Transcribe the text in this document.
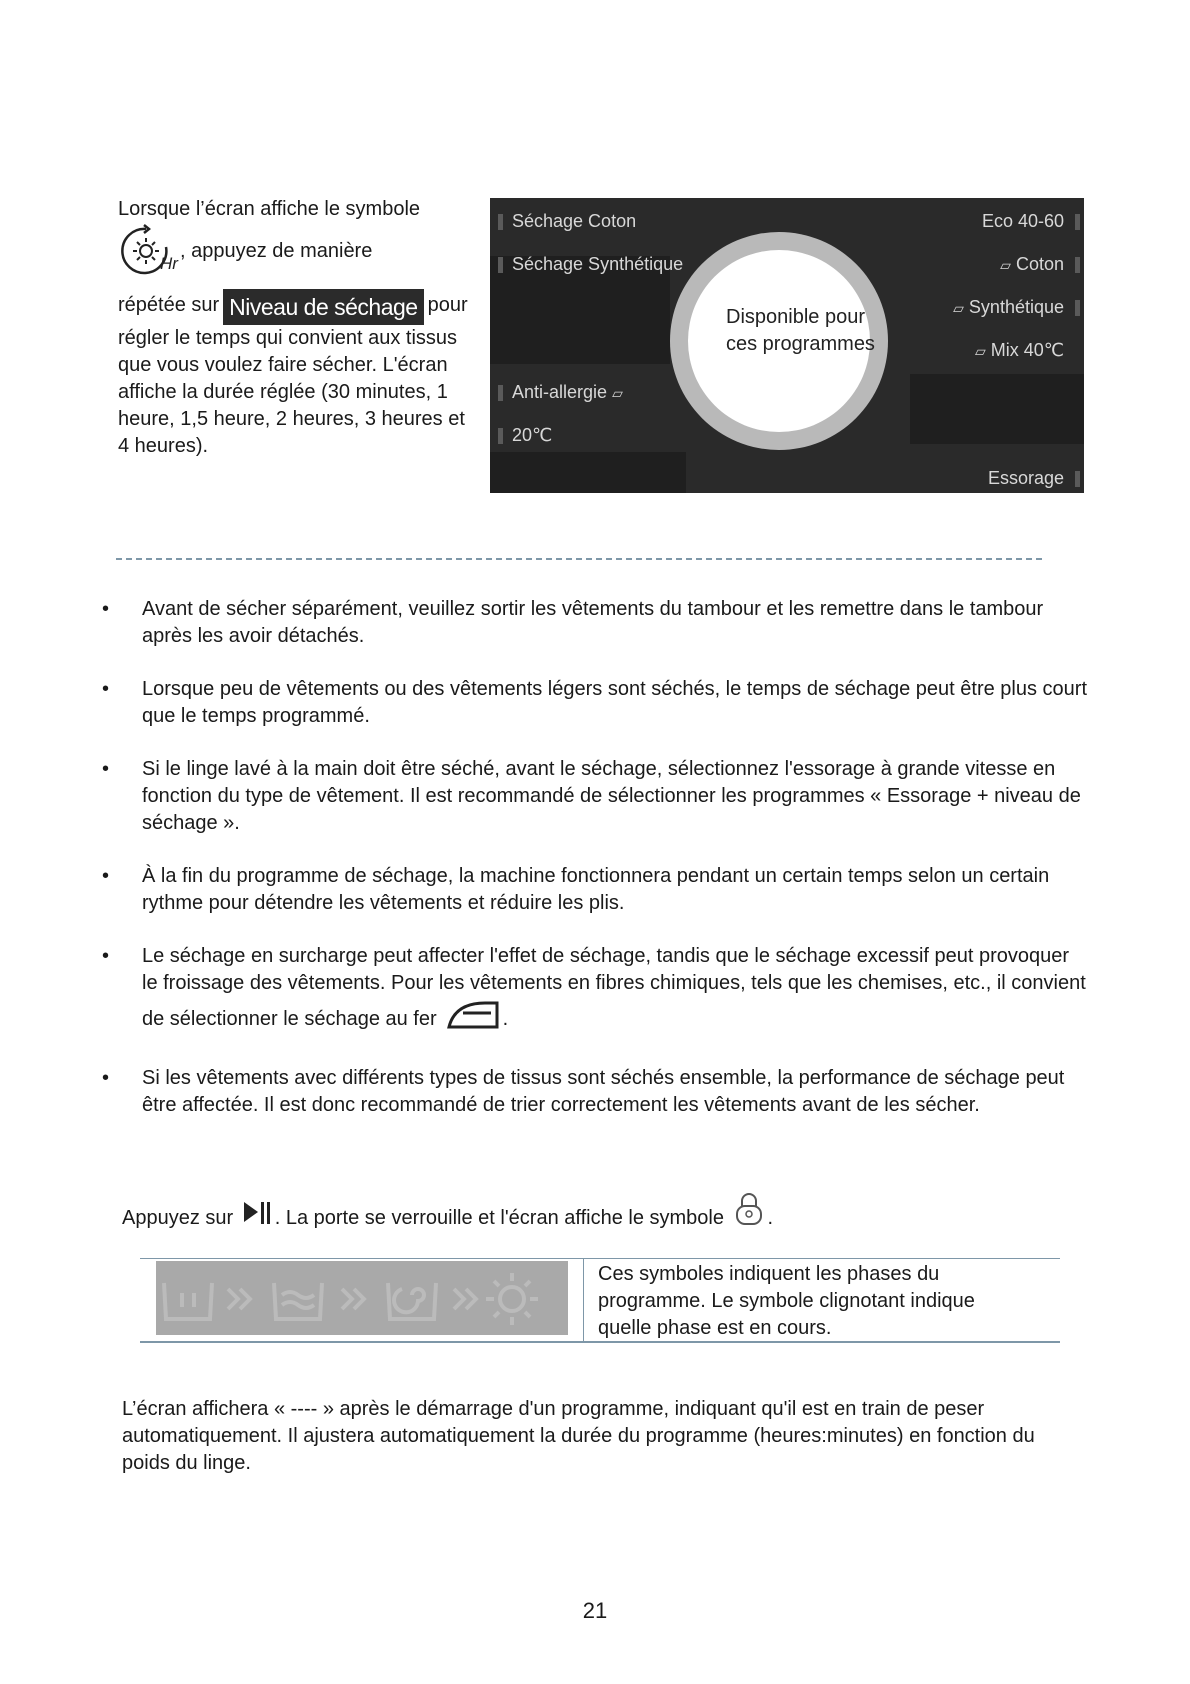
Lorsque l’écran affiche le symbole

Hr
, appuyez de manière
répétée sur Niveau de séchage pour
régler le temps qui convient aux tissus que vous voulez faire sécher. L'écran affiche la durée réglée (30 minutes, 1 heure, 1,5 heure, 2 heures, 3 heures et 4 heures).
Séchage Coton
Séchage Synthétique
Anti-allergie ▱
20℃
Eco 40-60
▱ Coton
▱ Synthétique
▱ Mix 40℃
Essorage
Disponible pour ces programmes
• Avant de sécher séparément, veuillez sortir les vêtements du tambour et les remettre dans le tambour après les avoir détachés.
• Lorsque peu de vêtements ou des vêtements légers sont séchés, le temps de séchage peut être plus court que le temps programmé.
• Si le linge lavé à la main doit être séché, avant le séchage, sélectionnez l'essorage à grande vitesse en fonction du type de vêtement. Il est recommandé de sélectionner les programmes « Essorage + niveau de séchage ».
• À la fin du programme de séchage, la machine fonctionnera pendant un certain temps selon un certain rythme pour détendre les vêtements et réduire les plis.
• Le séchage en surcharge peut affecter l'effet de séchage, tandis que le séchage excessif peut provoquer le froissage des vêtements. Pour les vêtements en fibres chimiques, tels que les chemises, etc., il convient de sélectionner le séchage au fer	.
• Si les vêtements avec différents types de tissus sont séchés ensemble, la performance de séchage peut être affectée. Il est donc recommandé de trier correctement les vêtements avant de les sécher.
Appuyez sur . La porte se verrouille et l'écran affiche le symbole .
Ces symboles indiquent les phases du programme. Le symbole clignotant indique quelle phase est en cours.
L’écran affichera « ---- » après le démarrage d'un programme, indiquant qu'il est en train de peser automatiquement. Il ajustera automatiquement la durée du programme (heures:minutes) en fonction du poids du linge.
21
